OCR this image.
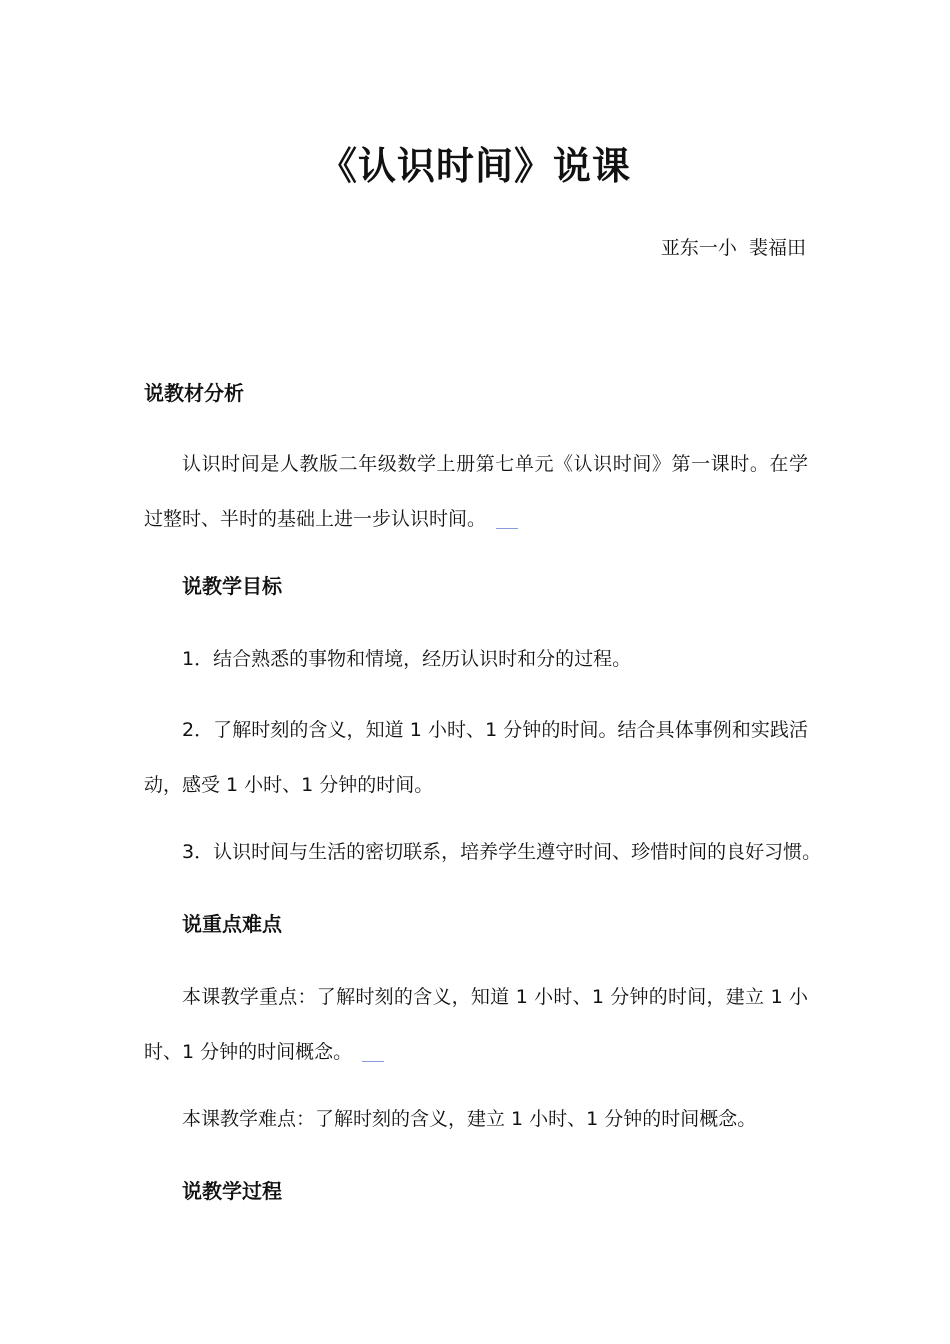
《认识时间》说课
亚东一小  裴福田
说教材分析
认识时间是人教版二年级数学上册第七单元《认识时间》第一课时。在学过整时、半时的基础上进一步认识时间。
说教学目标
1．结合熟悉的事物和情境，经历认识时和分的过程。
2．了解时刻的含义，知道 1 小时、1 分钟的时间。结合具体事例和实践活动，感受 1 小时、1 分钟的时间。
3．认识时间与生活的密切联系，培养学生遵守时间、珍惜时间的良好习惯。
说重点难点
本课教学重点：了解时刻的含义，知道 1 小时、1 分钟的时间，建立 1 小时、1 分钟的时间概念。
本课教学难点：了解时刻的含义，建立 1 小时、1 分钟的时间概念。
说教学过程
